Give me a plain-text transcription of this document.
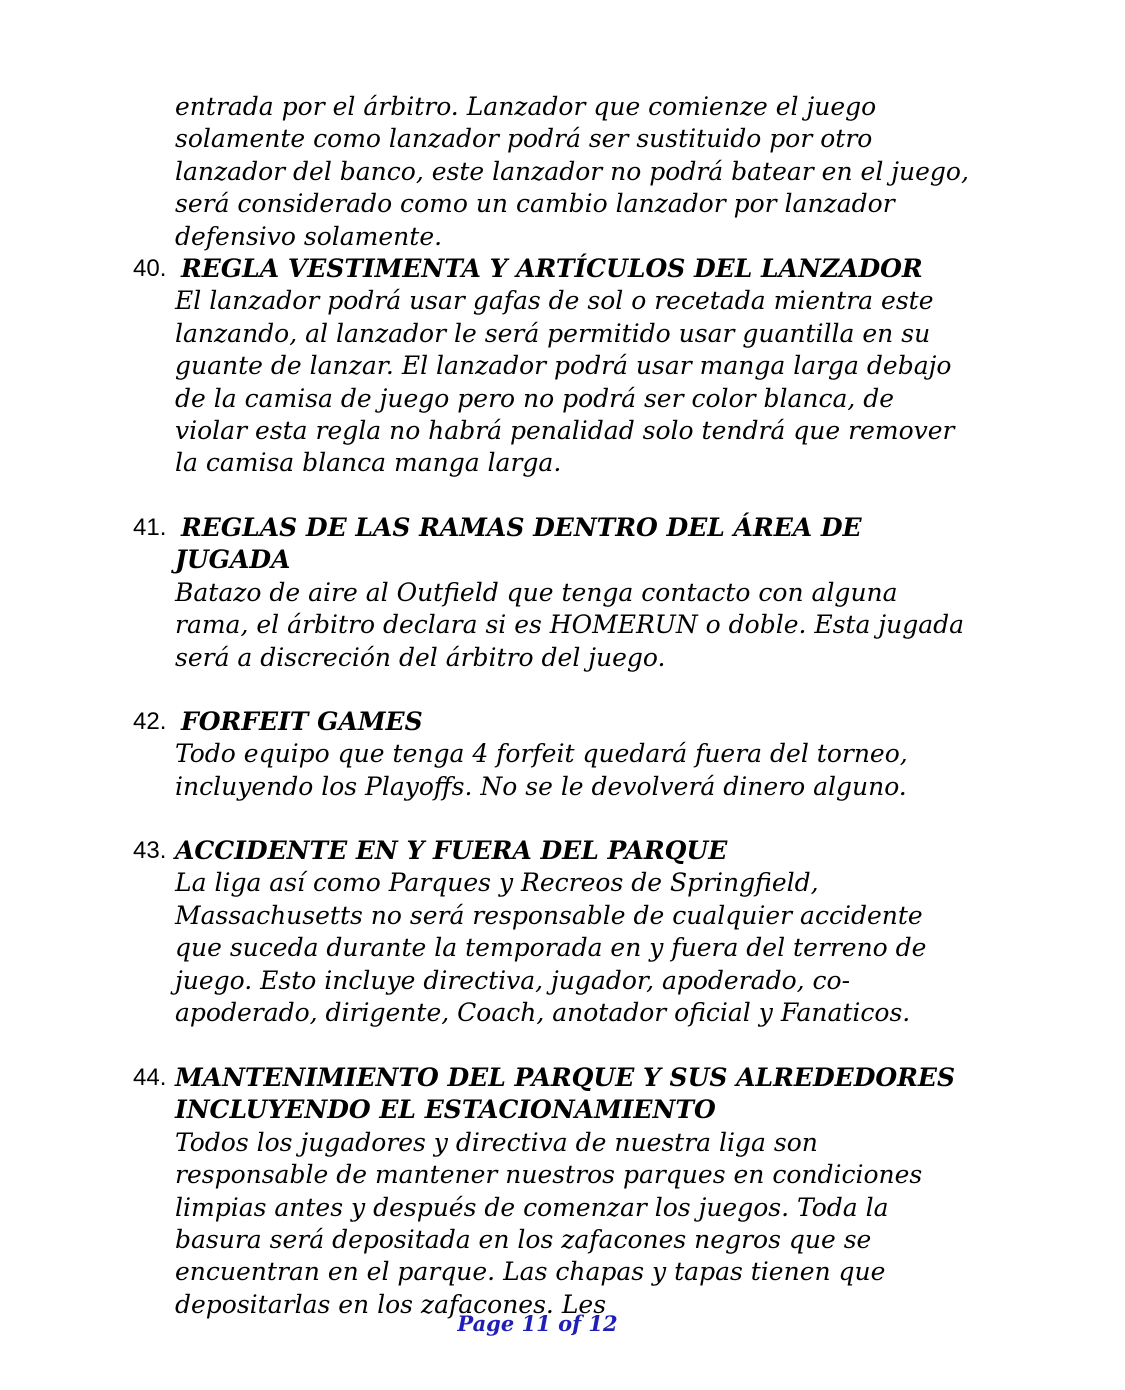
entrada por el árbitro. Lanzador que comienze el juego solamente como lanzador podrá ser sustituido por otro lanzador del banco, este lanzador no podrá batear en el juego, será considerado como un cambio lanzador por lanzador defensivo solamente.

40. REGLA VESTIMENTA Y ARTÍCULOS DEL LANZADOR

El lanzador podrá usar gafas de sol o recetada mientra este lanzando, al lanzador le será permitido usar guantilla en su guante de lanzar. El lanzador podrá usar manga larga debajo de la camisa de juego pero no podrá ser color blanca, de violar esta regla no habrá penalidad solo tendrá que remover la camisa blanca manga larga.

41. REGLAS DE LAS RAMAS DENTRO DEL ÁREA DE JUGADA

Batazo de aire al Outfield que tenga contacto con alguna rama, el árbitro declara si es HOMERUN o doble. Esta jugada será a discreción del árbitro del juego.

42. FORFEIT GAMES

Todo equipo que tenga 4 forfeit quedará fuera del torneo, incluyendo los Playoffs. No se le devolverá dinero alguno.

43. ACCIDENTE EN Y FUERA DEL PARQUE

La liga así como Parques y Recreos de Springfield, Massachusetts no será responsable de cualquier accidente que suceda durante la temporada en y fuera del terreno de juego. Esto incluye directiva, jugador, apoderado, co-apoderado, dirigente, Coach, anotador oficial y Fanaticos.

44. MANTENIMIENTO DEL PARQUE Y SUS ALREDEDORES INCLUYENDO EL ESTACIONAMIENTO

Todos los jugadores y directiva de nuestra liga son responsable de mantener nuestros parques en condiciones limpias antes y después de comenzar los juegos. Toda la basura será depositada en los zafacones negros que se encuentran en el parque. Las chapas y tapas tienen que depositarlas en los zafacones. Les

Page 11 of 12
